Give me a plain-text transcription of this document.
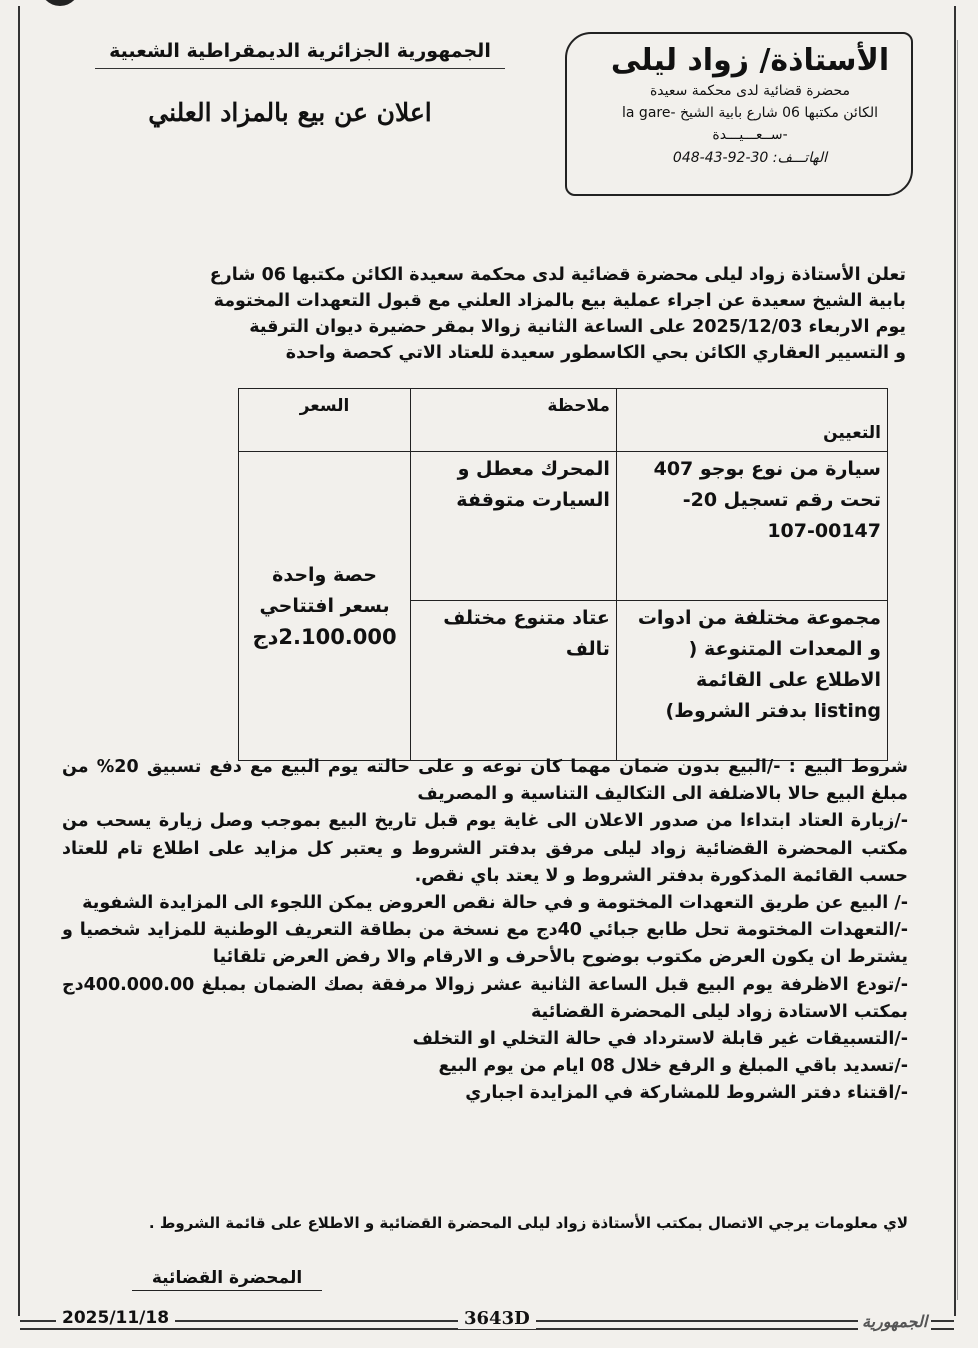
الأستاذة/ زواد ليلى
محضرة قضائية لدى محكمة سعيدة
الكائن مكتبها 06 شارع بابية الشيخ -la gare
-ســعـــيـــدة
الهاتـــف: 30-92-43-048
الجمهورية الجزائرية الديمقراطية الشعبية
اعلان عن بيع بالمزاد العلني

تعلن الأستاذة زواد ليلى محضرة قضائية لدى محكمة سعيدة الكائن مكتبها 06 شارع

بابية الشيخ سعيدة عن اجراء عملية بيع بالمزاد العلني مع قبول التعهدات المختومة

يوم الاربعاء 2025/12/03 على الساعة الثانية زوالا بمقر حضيرة ديوان الترقية

و التسيير العقاري الكائن بحي الكاسطور سعيدة للعتاد الاتي كحصة واحدة

التعيين	ملاحظة	السعر
سيارة من نوع بوجو 407 تحت رقم تسجيل 20-00147-107	المحرك معطل و السيارت متوقفة	حصة واحدة
بسعر افتتاحي
2.100.000دج

مجموعة مختلفة من ادوات و المعدات المتنوعة ( الاطلاع على القائمة listing بدفتر الشروط)	عتاد متنوع مختلف تالف	

شروط البيع : -/البيع بدون ضمان مهما كان نوعه و على حالته يوم البيع مع دفع تسبيق 20% من مبلغ البيع حالا بالاضلفة الى التكاليف التناسية و المصريف

-/زيارة العتاد ابتداءا من صدور الاعلان الى غاية يوم قبل تاريخ البيع بموجب وصل زيارة يسحب من مكتب المحضرة القضائية زواد ليلى مرفق بدفتر الشروط و يعتبر كل مزايد على اطلاع تام للعتاد حسب القائمة المذكورة بدفتر الشروط و لا يعتد باي نقص.

-/ البيع عن طريق التعهدات المختومة و في حالة نقص العروض يمكن اللجوء الى المزايدة الشفوية

-/التعهدات المختومة تحل طابع جبائي 40دج مع نسخة من بطاقة التعريف الوطنية للمزايد شخصيا و يشترط ان يكون العرض مكتوب بوضوح بالأحرف و الارقام والا رفض العرض تلقائيا

-/تودع الاظرفة يوم البيع قبل الساعة الثانية عشر زوالا مرفقة بصك الضمان بمبلغ 400.000.00دج بمكتب الاستادة زواد ليلى المحضرة القضائية

-/التسبيقات غير قابلة لاسترداد في حالة التخلي او التخلف

-/تسديد باقي المبلغ و الرفع خلال 08 ايام من يوم البيع

-/اقتناء دفتر الشروط للمشاركة في المزايدة اجباري

لاي معلومات يرجي الاتصال بمكتب الأستاذة زواد ليلى المحضرة القضائية و الاطلاع على قائمة الشروط .
المحضرة القضائية
2025/11/18	3643D	الجمهورية
